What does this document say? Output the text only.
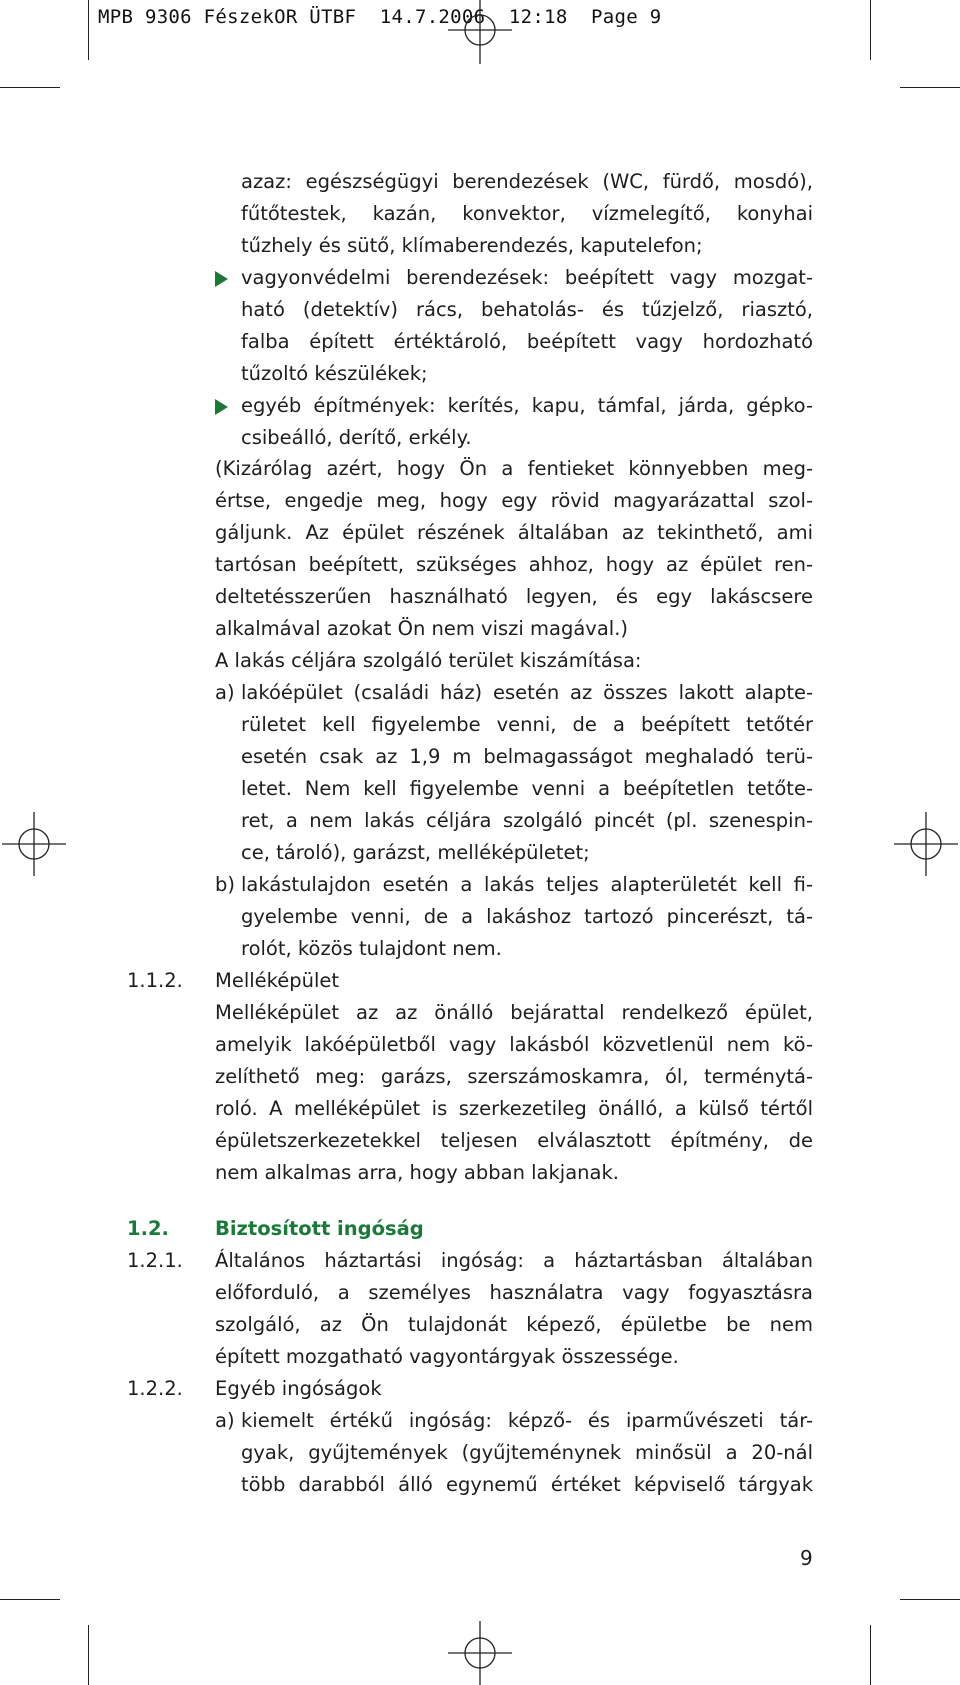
MPB 9306 FészekOR ÜTBF  14.7.2006  12:18  Page 9
azaz: egészségügyi berendezések (WC, fürdő, mosdó),
fűtőtestek, kazán, konvektor, vízmelegítő, konyhai
tűzhely és sütő, klímaberendezés, kaputelefon;
vagyonvédelmi berendezések: beépített vagy mozgat-
ható (detektív) rács, behatolás- és tűzjelző, riasztó,
falba épített értéktároló, beépített vagy hordozható
tűzoltó készülékek;
egyéb építmények: kerítés, kapu, támfal, járda, gépko-
csibeálló, derítő, erkély.
(Kizárólag azért, hogy Ön a fentieket könnyebben meg-
értse, engedje meg, hogy egy rövid magyarázattal szol-
gáljunk. Az épület részének általában az tekinthető, ami
tartósan beépített, szükséges ahhoz, hogy az épület ren-
deltetésszerűen használható legyen, és egy lakáscsere
alkalmával azokat Ön nem viszi magával.)
A lakás céljára szolgáló terület kiszámítása:
a) lakóépület (családi ház) esetén az összes lakott alapte-
rületet kell figyelembe venni, de a beépített tetőtér
esetén csak az 1,9 m belmagasságot meghaladó terü-
letet. Nem kell figyelembe venni a beépítetlen tetőte-
ret, a nem lakás céljára szolgáló pincét (pl. szenespin-
ce, tároló), garázst, melléképületet;
b) lakástulajdon esetén a lakás teljes alapterületét kell fi-
gyelembe venni, de a lakáshoz tartozó pincerészt, tá-
rolót, közös tulajdont nem.
1.1.2. Melléképület
Melléképület az az önálló bejárattal rendelkező épület,
amelyik lakóépületből vagy lakásból közvetlenül nem kö-
zelíthető meg: garázs, szerszámoskamra, ól, terménytá-
roló. A melléképület is szerkezetileg önálló, a külső tértől
épületszerkezetekkel teljesen elválasztott építmény, de
nem alkalmas arra, hogy abban lakjanak.
1.2. Biztosított ingóság
1.2.1. Általános háztartási ingóság: a háztartásban általában
előforduló, a személyes használatra vagy fogyasztásra
szolgáló, az Ön tulajdonát képező, épületbe be nem
épített mozgatható vagyontárgyak összessége.
1.2.2. Egyéb ingóságok
a) kiemelt értékű ingóság: képző- és iparművészeti tár-
gyak, gyűjtemények (gyűjteménynek minősül a 20-nál
több darabból álló egynemű értéket képviselő tárgyak
9
